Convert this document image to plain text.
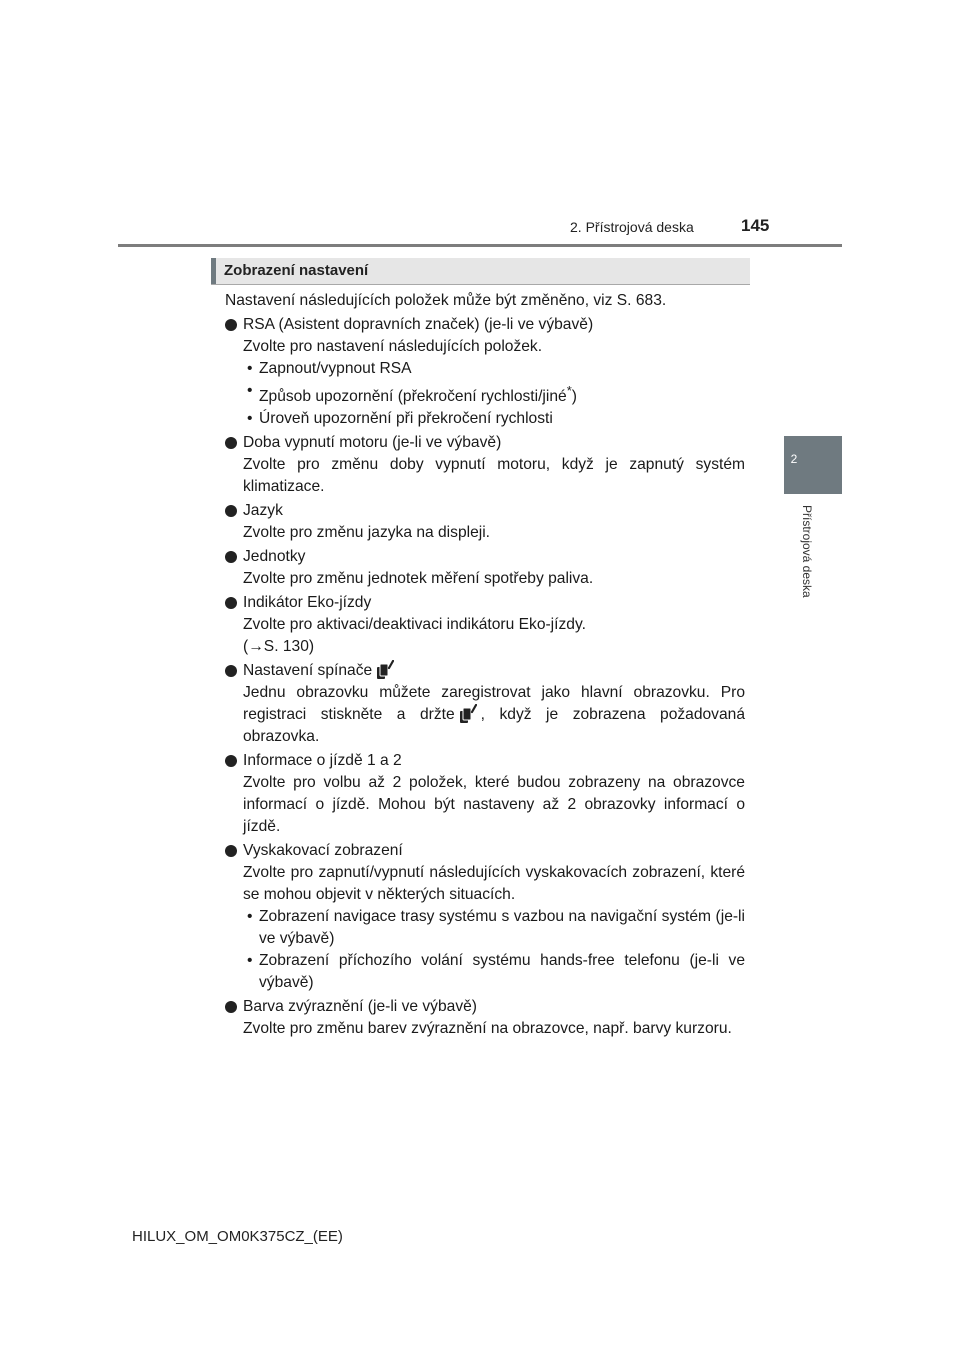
2. Přístrojová deska	145
2
Přístrojová deska
Zobrazení nastavení

Nastavení následujících položek může být změněno, viz S. 683.

RSA (Asistent dopravních značek) (je-li ve výbavě)

Zvolte pro nastavení následujících položek.

• Zapnout/vypnout RSA
• Způsob upozornění (překročení rychlosti/jiné*)
• Úroveň upozornění při překročení rychlosti

Doba vypnutí motoru (je-li ve výbavě)

Zvolte pro změnu doby vypnutí motoru, když je zapnutý systém klimatizace.

Jazyk

Zvolte pro změnu jazyka na displeji.

Jednotky

Zvolte pro změnu jednotek měření spotřeby paliva.

Indikátor Eko-jízdy

Zvolte pro aktivaci/deaktivaci indikátoru Eko-jízdy.

(→S. 130)

Nastavení spínače

Jednu obrazovku můžete zaregistrovat jako hlavní obrazovku. Pro registraci stiskněte a držte , když je zobrazena požadovaná obrazovka.

Informace o jízdě 1 a 2

Zvolte pro volbu až 2 položek, které budou zobrazeny na obrazovce informací o jízdě. Mohou být nastaveny až 2 obrazovky informací o jízdě.

Vyskakovací zobrazení

Zvolte pro zapnutí/vypnutí následujících vyskakovacích zobrazení, které se mohou objevit v některých situacích.

• Zobrazení navigace trasy systému s vazbou na navigační systém (je-li ve výbavě)
• Zobrazení příchozího volání systému hands-free telefonu (je-li ve výbavě)

Barva zvýraznění (je-li ve výbavě)

Zvolte pro změnu barev zvýraznění na obrazovce, např. barvy kurzoru.

HILUX_OM_OM0K375CZ_(EE)
